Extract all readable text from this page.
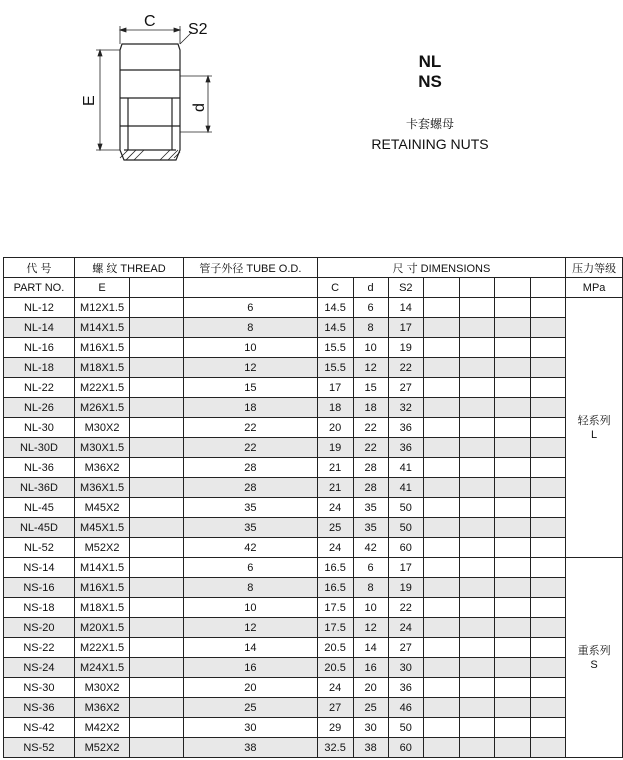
C S2
E
d
NL
NS
卡套螺母
RETAINING NUTS
代 号	螺 纹 THREAD		管子外径 TUBE O.D.	尺 寸 DIMENSIONS							压力等级
PART NO.	E			C	d	S2					MPa
NL-12	M12X1.5		6	14.5	6	14					轻系列
L

NL-14	M14X1.5		8	14.5	8	17					
NL-16	M16X1.5		10	15.5	10	19					
NL-18	M18X1.5		12	15.5	12	22					
NL-22	M22X1.5		15	17	15	27					
NL-26	M26X1.5		18	18	18	32					
NL-30	M30X2		22	20	22	36					
NL-30D	M30X1.5		22	19	22	36					
NL-36	M36X2		28	21	28	41					
NL-36D	M36X1.5		28	21	28	41					
NL-45	M45X2		35	24	35	50					
NL-45D	M45X1.5		35	25	35	50					
NL-52	M52X2		42	24	42	60					
NS-14	M14X1.5		6	16.5	6	17					重系列
S

NS-16	M16X1.5		8	16.5	8	19					
NS-18	M18X1.5		10	17.5	10	22					
NS-20	M20X1.5		12	17.5	12	24					
NS-22	M22X1.5		14	20.5	14	27					
NS-24	M24X1.5		16	20.5	16	30					
NS-30	M30X2		20	24	20	36					
NS-36	M36X2		25	27	25	46					
NS-42	M42X2		30	29	30	50					
NS-52	M52X2		38	32.5	38	60					
